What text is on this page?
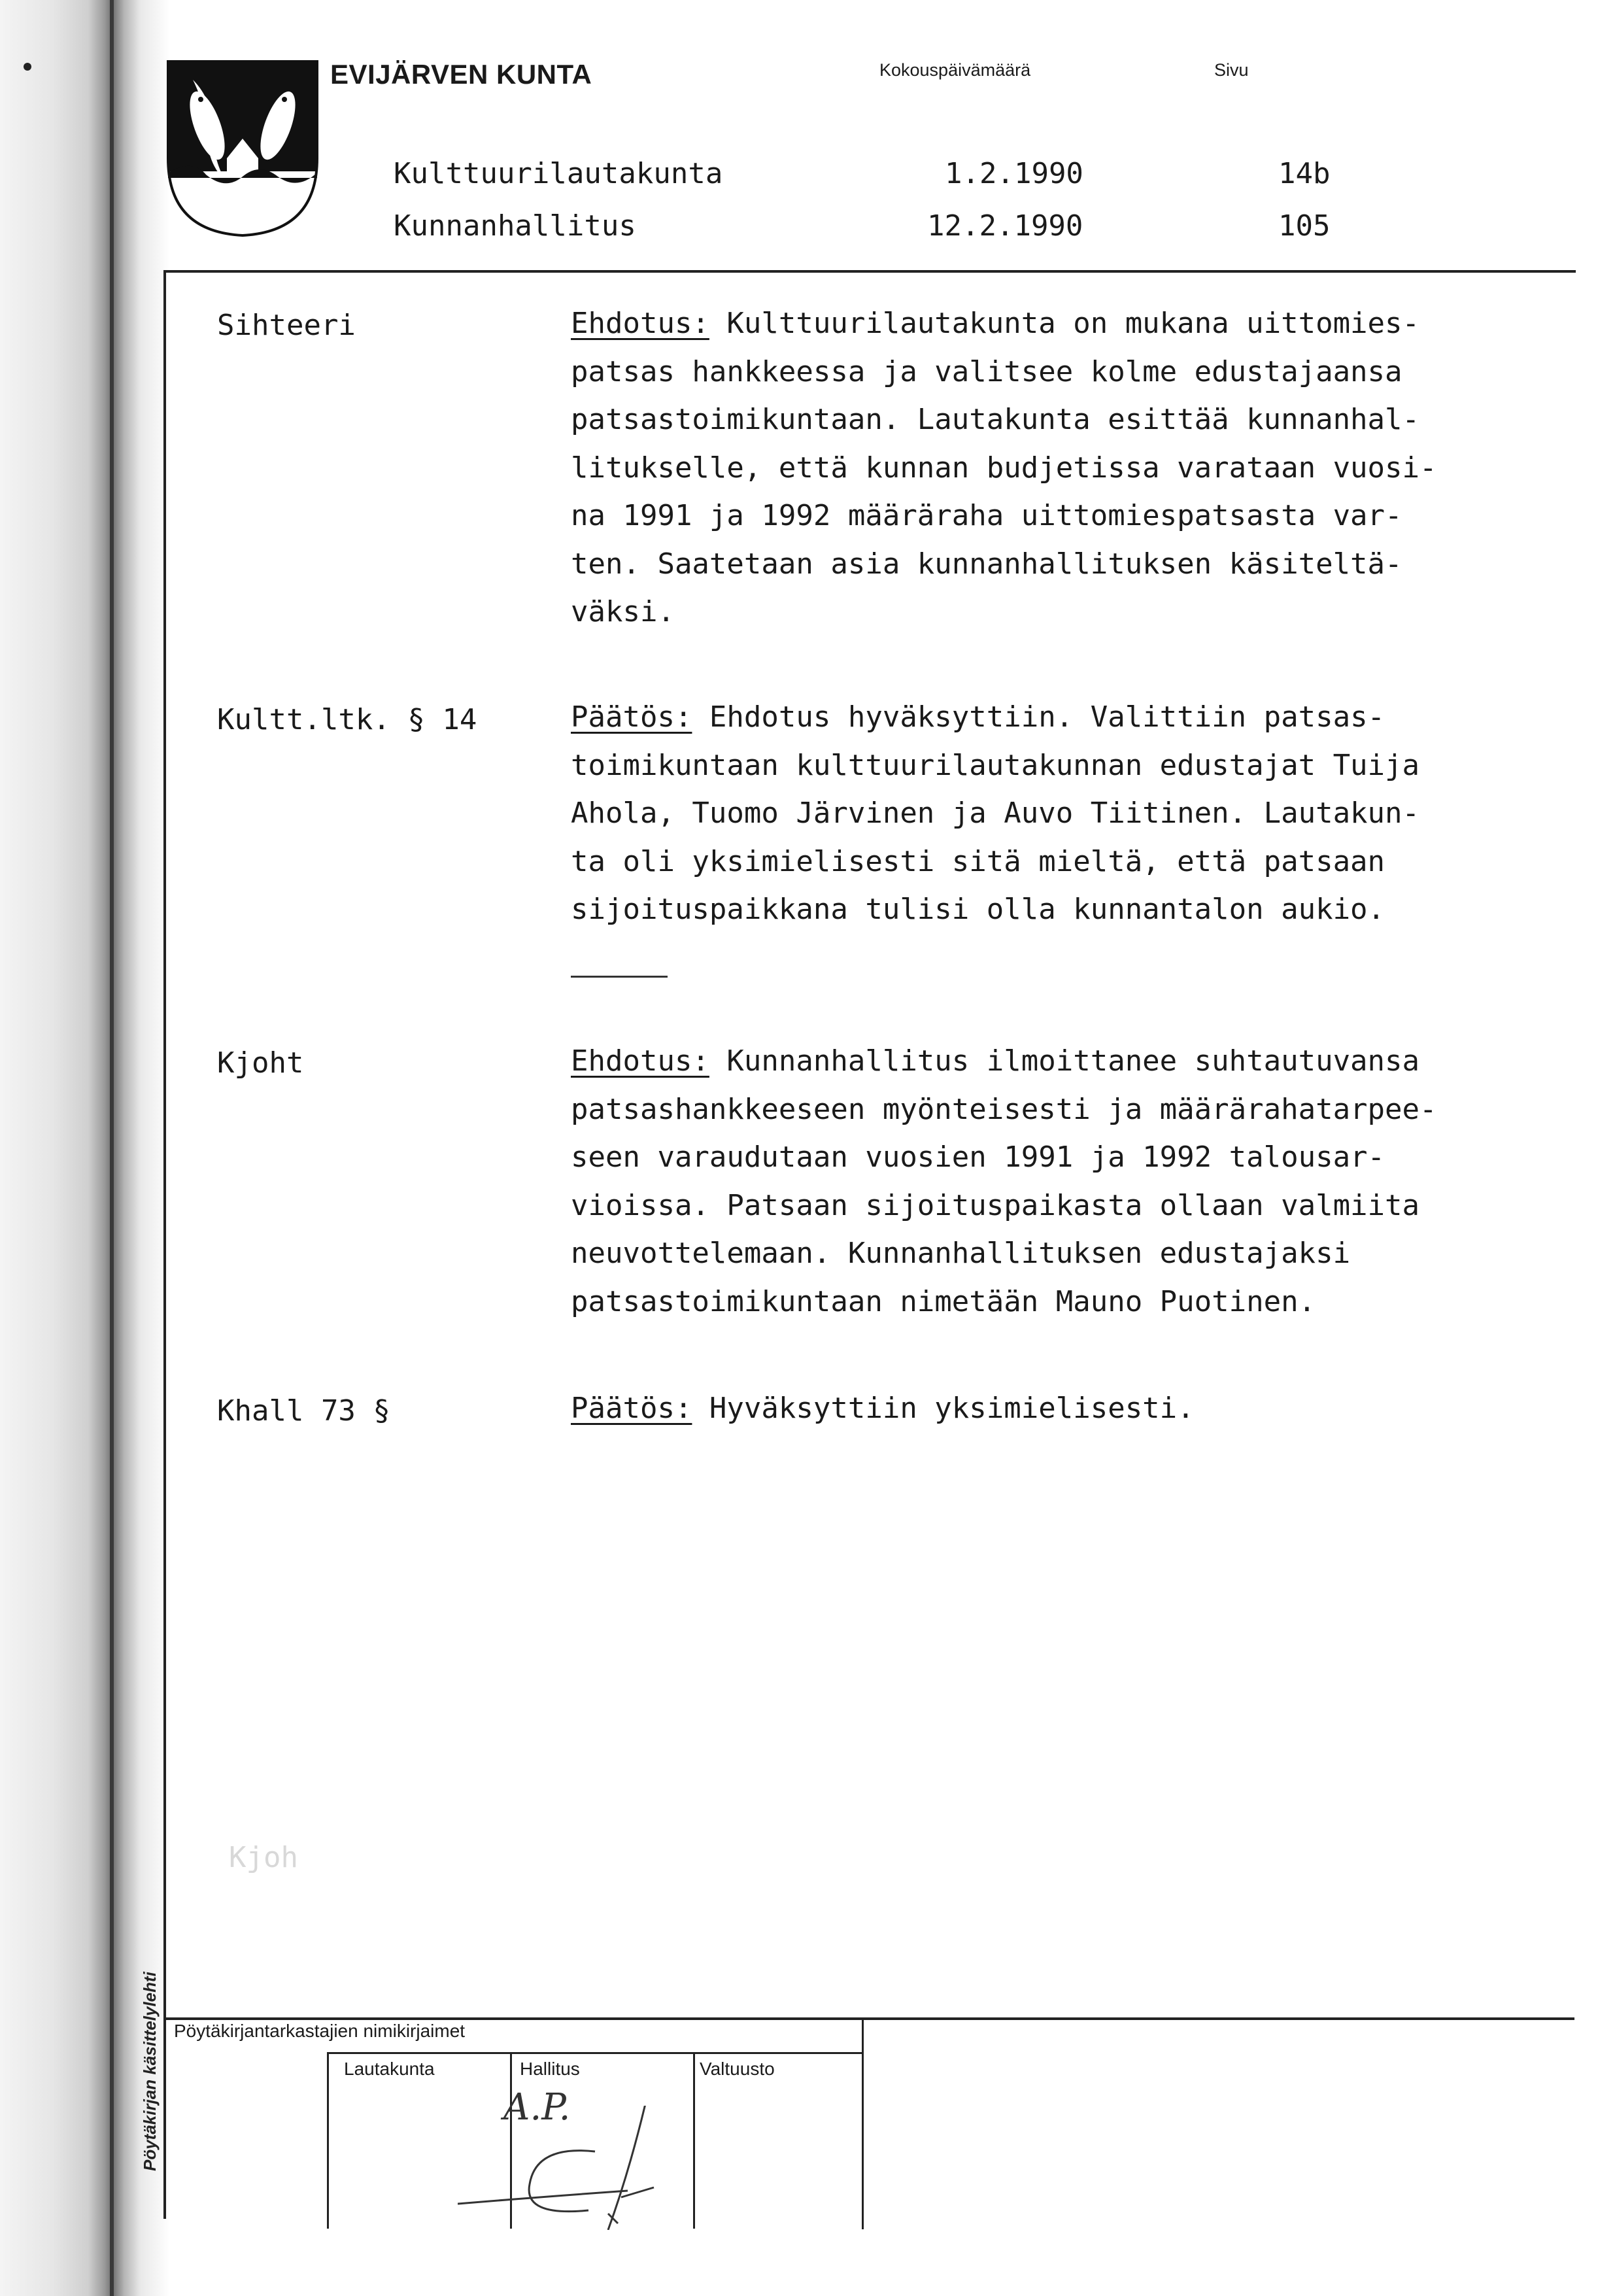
EVIJÄRVEN KUNTA	Kokouspäivämäärä	Sivu
Kulttuurilautakunta	1.2.1990	14b
Kunnanhallitus	12.2.1990	105
Sihteeri	Ehdotus: Kulttuurilautakunta on mukana uittomies-
patsas hankkeessa ja valitsee kolme edustajaansa
patsastoimikuntaan. Lautakunta esittää kunnanhal-
litukselle, että kunnan budjetissa varataan vuosi-
na 1991 ja 1992 määräraha uittomiespatsasta var-
ten. Saatetaan asia kunnanhallituksen käsiteltä-
väksi.
Kultt.ltk. § 14	Päätös: Ehdotus hyväksyttiin. Valittiin patsas-
toimikuntaan kulttuurilautakunnan edustajat Tuija
Ahola, Tuomo Järvinen ja Auvo Tiitinen. Lautakun-
ta oli yksimielisesti sitä mieltä, että patsaan
sijoituspaikkana tulisi olla kunnantalon aukio.
Kjoht	Ehdotus: Kunnanhallitus ilmoittanee suhtautuvansa
patsashankkeeseen myönteisesti ja määrärahatarpee-
seen varaudutaan vuosien 1991 ja 1992 talousar-
vioissa. Patsaan sijoituspaikasta ollaan valmiita
neuvottelemaan. Kunnanhallituksen edustajaksi
patsastoimikuntaan nimetään Mauno Puotinen.
Khall 73 §	Päätös: Hyväksyttiin yksimielisesti.
Kjoh
Pöytäkirjantarkastajien nimikirjaimet
Lautakunta	Hallitus	Valtuusto
A.P.
Pöytäkirjan käsittelylehti
